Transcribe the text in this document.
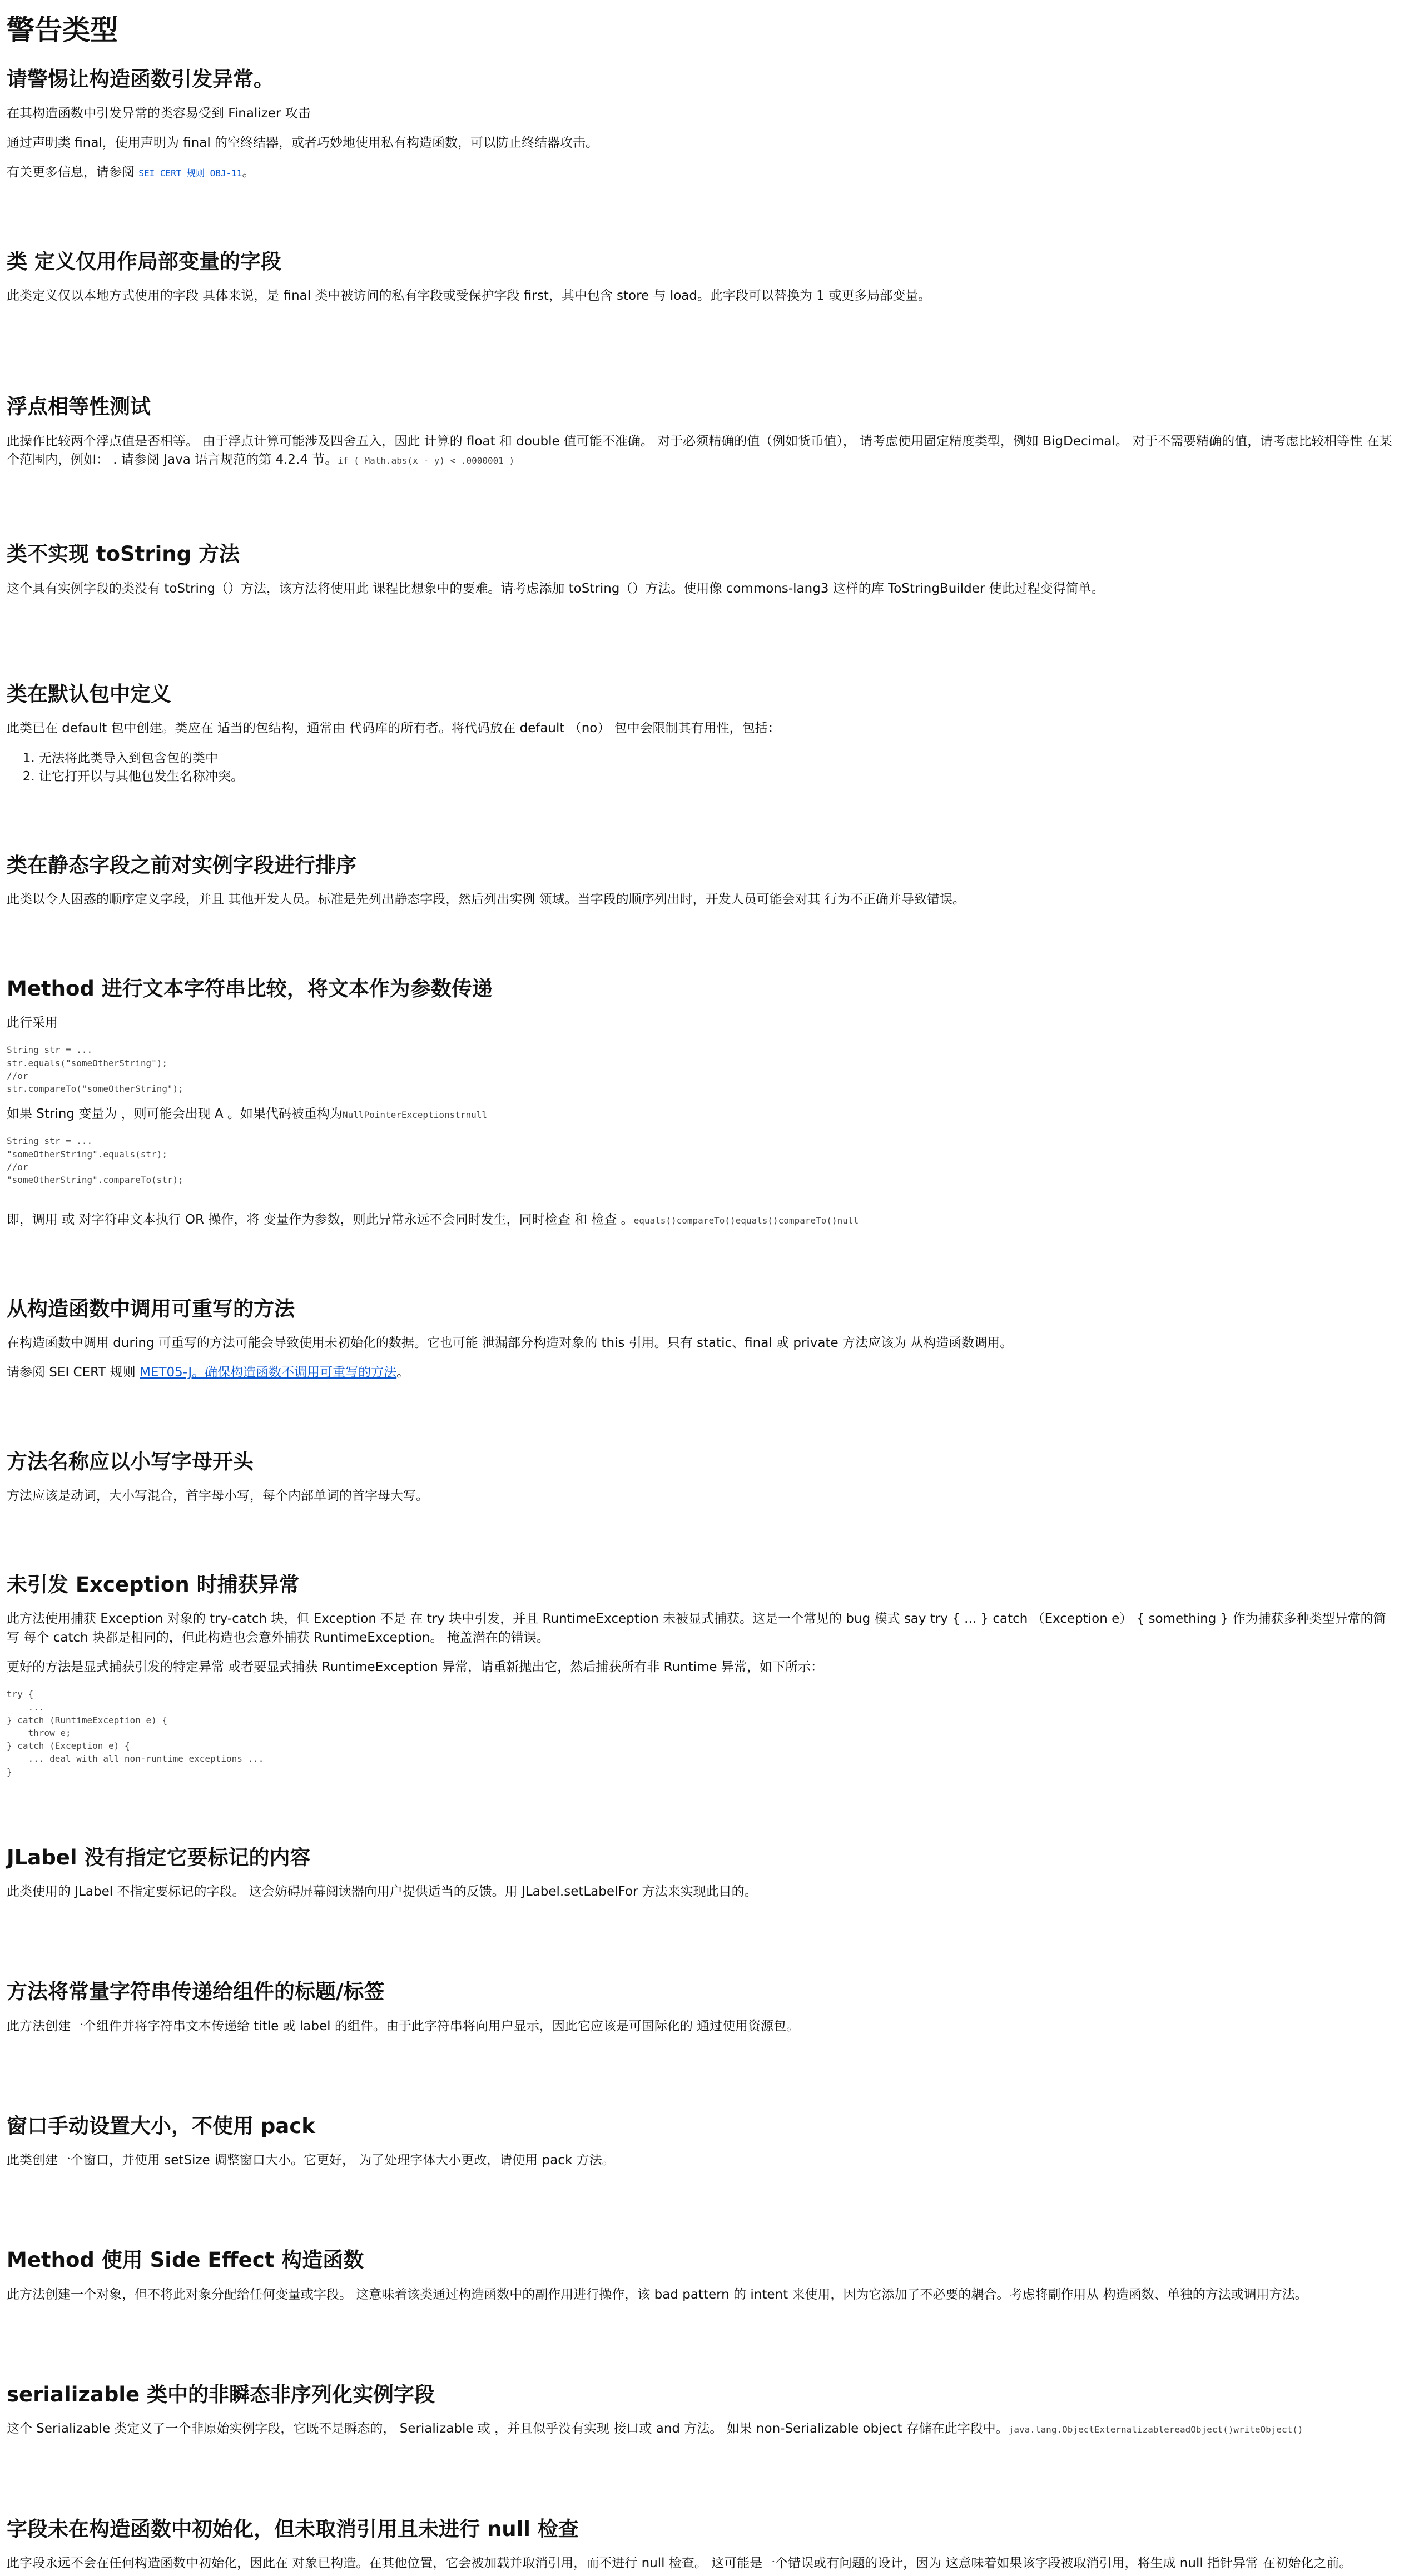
警告类型
请警惕让构造函数引发异常。

在其构造函数中引发异常的类容易受到 Finalizer 攻击

通过声明类 final，使用声明为 final 的空终结器，或者巧妙地使用私有构造函数，可以防止终结器攻击。

有关更多信息，请参阅 SEI CERT 规则 OBJ-11。

类 定义仅用作局部变量的字段

此类定义仅以本地方式使用的字段 具体来说，是 final 类中被访问的私有字段或受保护字段 first，其中包含 store 与 load。此字段可以替换为 1 或更多局部变量。

浮点相等性测试

此操作比较两个浮点值是否相等。 由于浮点计算可能涉及四舍五入，因此 计算的 float 和 double 值可能不准确。 对于必须精确的值（例如货币值）， 请考虑使用固定精度类型，例如 BigDecimal。 对于不需要精确的值，请考虑比较相等性 在某个范围内，例如： . 请参阅 Java 语言规范的第 4.2.4 节。if ( Math.abs(x - y) < .0000001 )

类不实现 toString 方法

这个具有实例字段的类没有 toString（）方法，该方法将使用此 课程比想象中的要难。请考虑添加 toString（）方法。使用像 commons-lang3 这样的库 ToStringBuilder 使此过程变得简单。

类在默认包中定义

此类已在 default 包中创建。类应在 适当的包结构，通常由 代码库的所有者。将代码放在 default （no） 包中会限制其有用性，包括：

1. 无法将此类导入到包含包的类中
2. 让它打开以与其他包发生名称冲突。
类在静态字段之前对实例字段进行排序

此类以令人困惑的顺序定义字段，并且 其他开发人员。标准是先列出静态字段，然后列出实例 领域。当字段的顺序列出时，开发人员可能会对其 行为不正确并导致错误。

Method 进行文本字符串比较，将文本作为参数传递

此行采用

String str = ...
str.equals("someOtherString");
//or
str.compareTo("someOtherString");

如果 String 变量为 ，则可能会出现 A 。如果代码被重构为NullPointerExceptionstrnull

String str = ...
"someOtherString".equals(str);
//or
"someOtherString".compareTo(str);

即，调用 或 对字符串文本执行 OR 操作，将 变量作为参数，则此异常永远不会同时发生，同时检查 和 检查 。equals()compareTo()equals()compareTo()null

从构造函数中调用可重写的方法

在构造函数中调用 during 可重写的方法可能会导致使用未初始化的数据。它也可能 泄漏部分构造对象的 this 引用。只有 static、final 或 private 方法应该为 从构造函数调用。

请参阅 SEI CERT 规则 MET05-J。确保构造函数不调用可重写的方法。

方法名称应以小写字母开头

方法应该是动词，大小写混合，首字母小写，每个内部单词的首字母大写。

未引发 Exception 时捕获异常

此方法使用捕获 Exception 对象的 try-catch 块，但 Exception 不是 在 try 块中引发，并且 RuntimeException 未被显式捕获。这是一个常见的 bug 模式 say try { ... } catch （Exception e） { something } 作为捕获多种类型异常的简写 每个 catch 块都是相同的，但此构造也会意外捕获 RuntimeException。 掩盖潜在的错误。

更好的方法是显式捕获引发的特定异常 或者要显式捕获 RuntimeException 异常，请重新抛出它，然后捕获所有非 Runtime 异常，如下所示：

try {
...
} catch (RuntimeException e) {
throw e;
} catch (Exception e) {
... deal with all non-runtime exceptions ...
}
JLabel 没有指定它要标记的内容

此类使用的 JLabel 不指定要标记的字段。 这会妨碍屏幕阅读器向用户提供适当的反馈。用 JLabel.setLabelFor 方法来实现此目的。

方法将常量字符串传递给组件的标题/标签

此方法创建一个组件并将字符串文本传递给 title 或 label 的组件。由于此字符串将向用户显示，因此它应该是可国际化的 通过使用资源包。

窗口手动设置大小，不使用 pack

此类创建一个窗口，并使用 setSize 调整窗口大小。它更好， 为了处理字体大小更改，请使用 pack 方法。

Method 使用 Side Effect 构造函数

此方法创建一个对象，但不将此对象分配给任何变量或字段。 这意味着该类通过构造函数中的副作用进行操作，该 bad pattern 的 intent 来使用，因为它添加了不必要的耦合。考虑将副作用从 构造函数、单独的方法或调用方法。

serializable 类中的非瞬态非序列化实例字段

这个 Serializable 类定义了一个非原始实例字段，它既不是瞬态的， Serializable 或 ，并且似乎没有实现 接口或 and 方法。 如果 non-Serializable object 存储在此字段中。java.lang.ObjectExternalizablereadObject()writeObject()

字段未在构造函数中初始化，但未取消引用且未进行 null 检查

此字段永远不会在任何构造函数中初始化，因此在 对象已构造。在其他位置，它会被加载并取消引用，而不进行 null 检查。 这可能是一个错误或有问题的设计，因为 这意味着如果该字段被取消引用，将生成 null 指针异常 在初始化之前。
